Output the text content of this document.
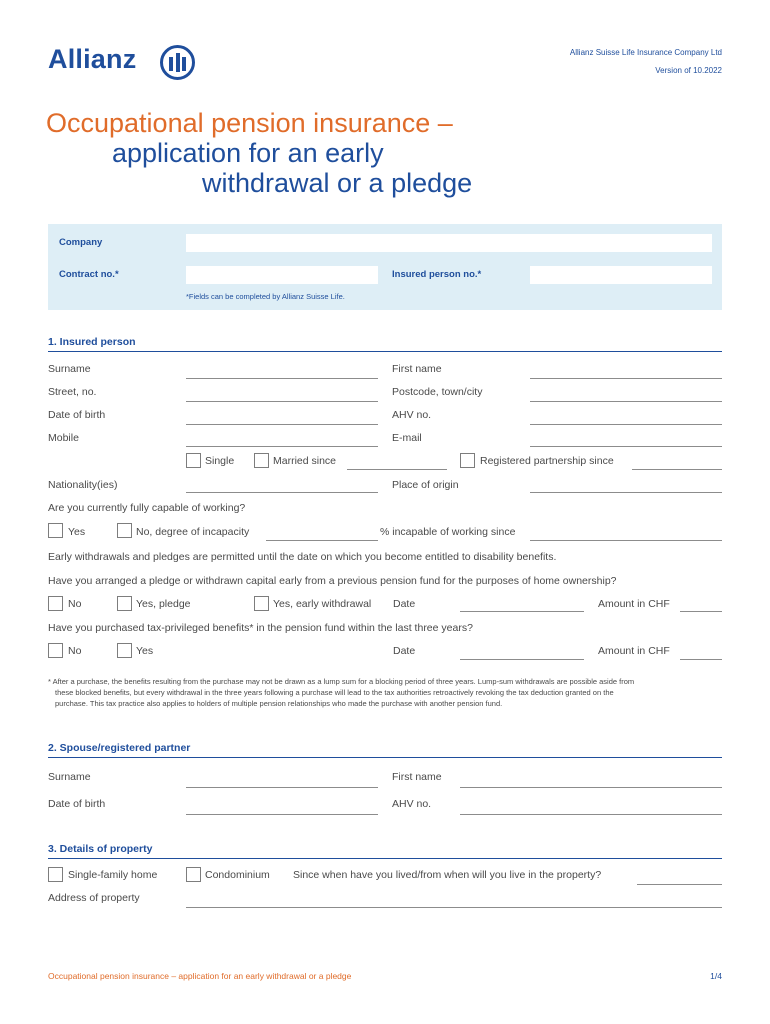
Allianz	Allianz Suisse Life Insurance Company Ltd
Version of 10.2022
Occupational pension insurance –
application for an early
withdrawal or a pledge
Company
Contract no.*	Insured person no.*
*Fields can be completed by Allianz Suisse Life.
1. Insured person
Surname	First name
Street, no.	Postcode, town/city
Date of birth	AHV no.
Mobile	E-mail
Single	Married since	Registered partnership since
Nationality(ies)	Place of origin
Are you currently fully capable of working?
Yes	No, degree of incapacity	% incapable of working since
Early withdrawals and pledges are permitted until the date on which you become entitled to disability benefits.
Have you arranged a pledge or withdrawn capital early from a previous pension fund for the purposes of home ownership?
No	Yes, pledge	Yes, early withdrawal Date	Amount in CHF
Have you purchased tax-privileged benefits* in the pension fund within the last three years?
No	Yes	Date	Amount in CHF
* After a purchase, the benefits resulting from the purchase may not be drawn as a lump sum for a blocking period of three years. Lump-sum withdrawals are possible aside from
these blocked benefits, but every withdrawal in the three years following a purchase will lead to the tax authorities retroactively revoking the tax deduction granted on the
purchase. This tax practice also applies to holders of multiple pension relationships who made the purchase with another pension fund.
2. Spouse/registered partner
Surname	First name
Date of birth	AHV no.
3. Details of property
Single-family home	Condominium Since when have you lived/from when will you live in the property?
Address of property
Occupational pension insurance – application for an early withdrawal or a pledge	1/4
